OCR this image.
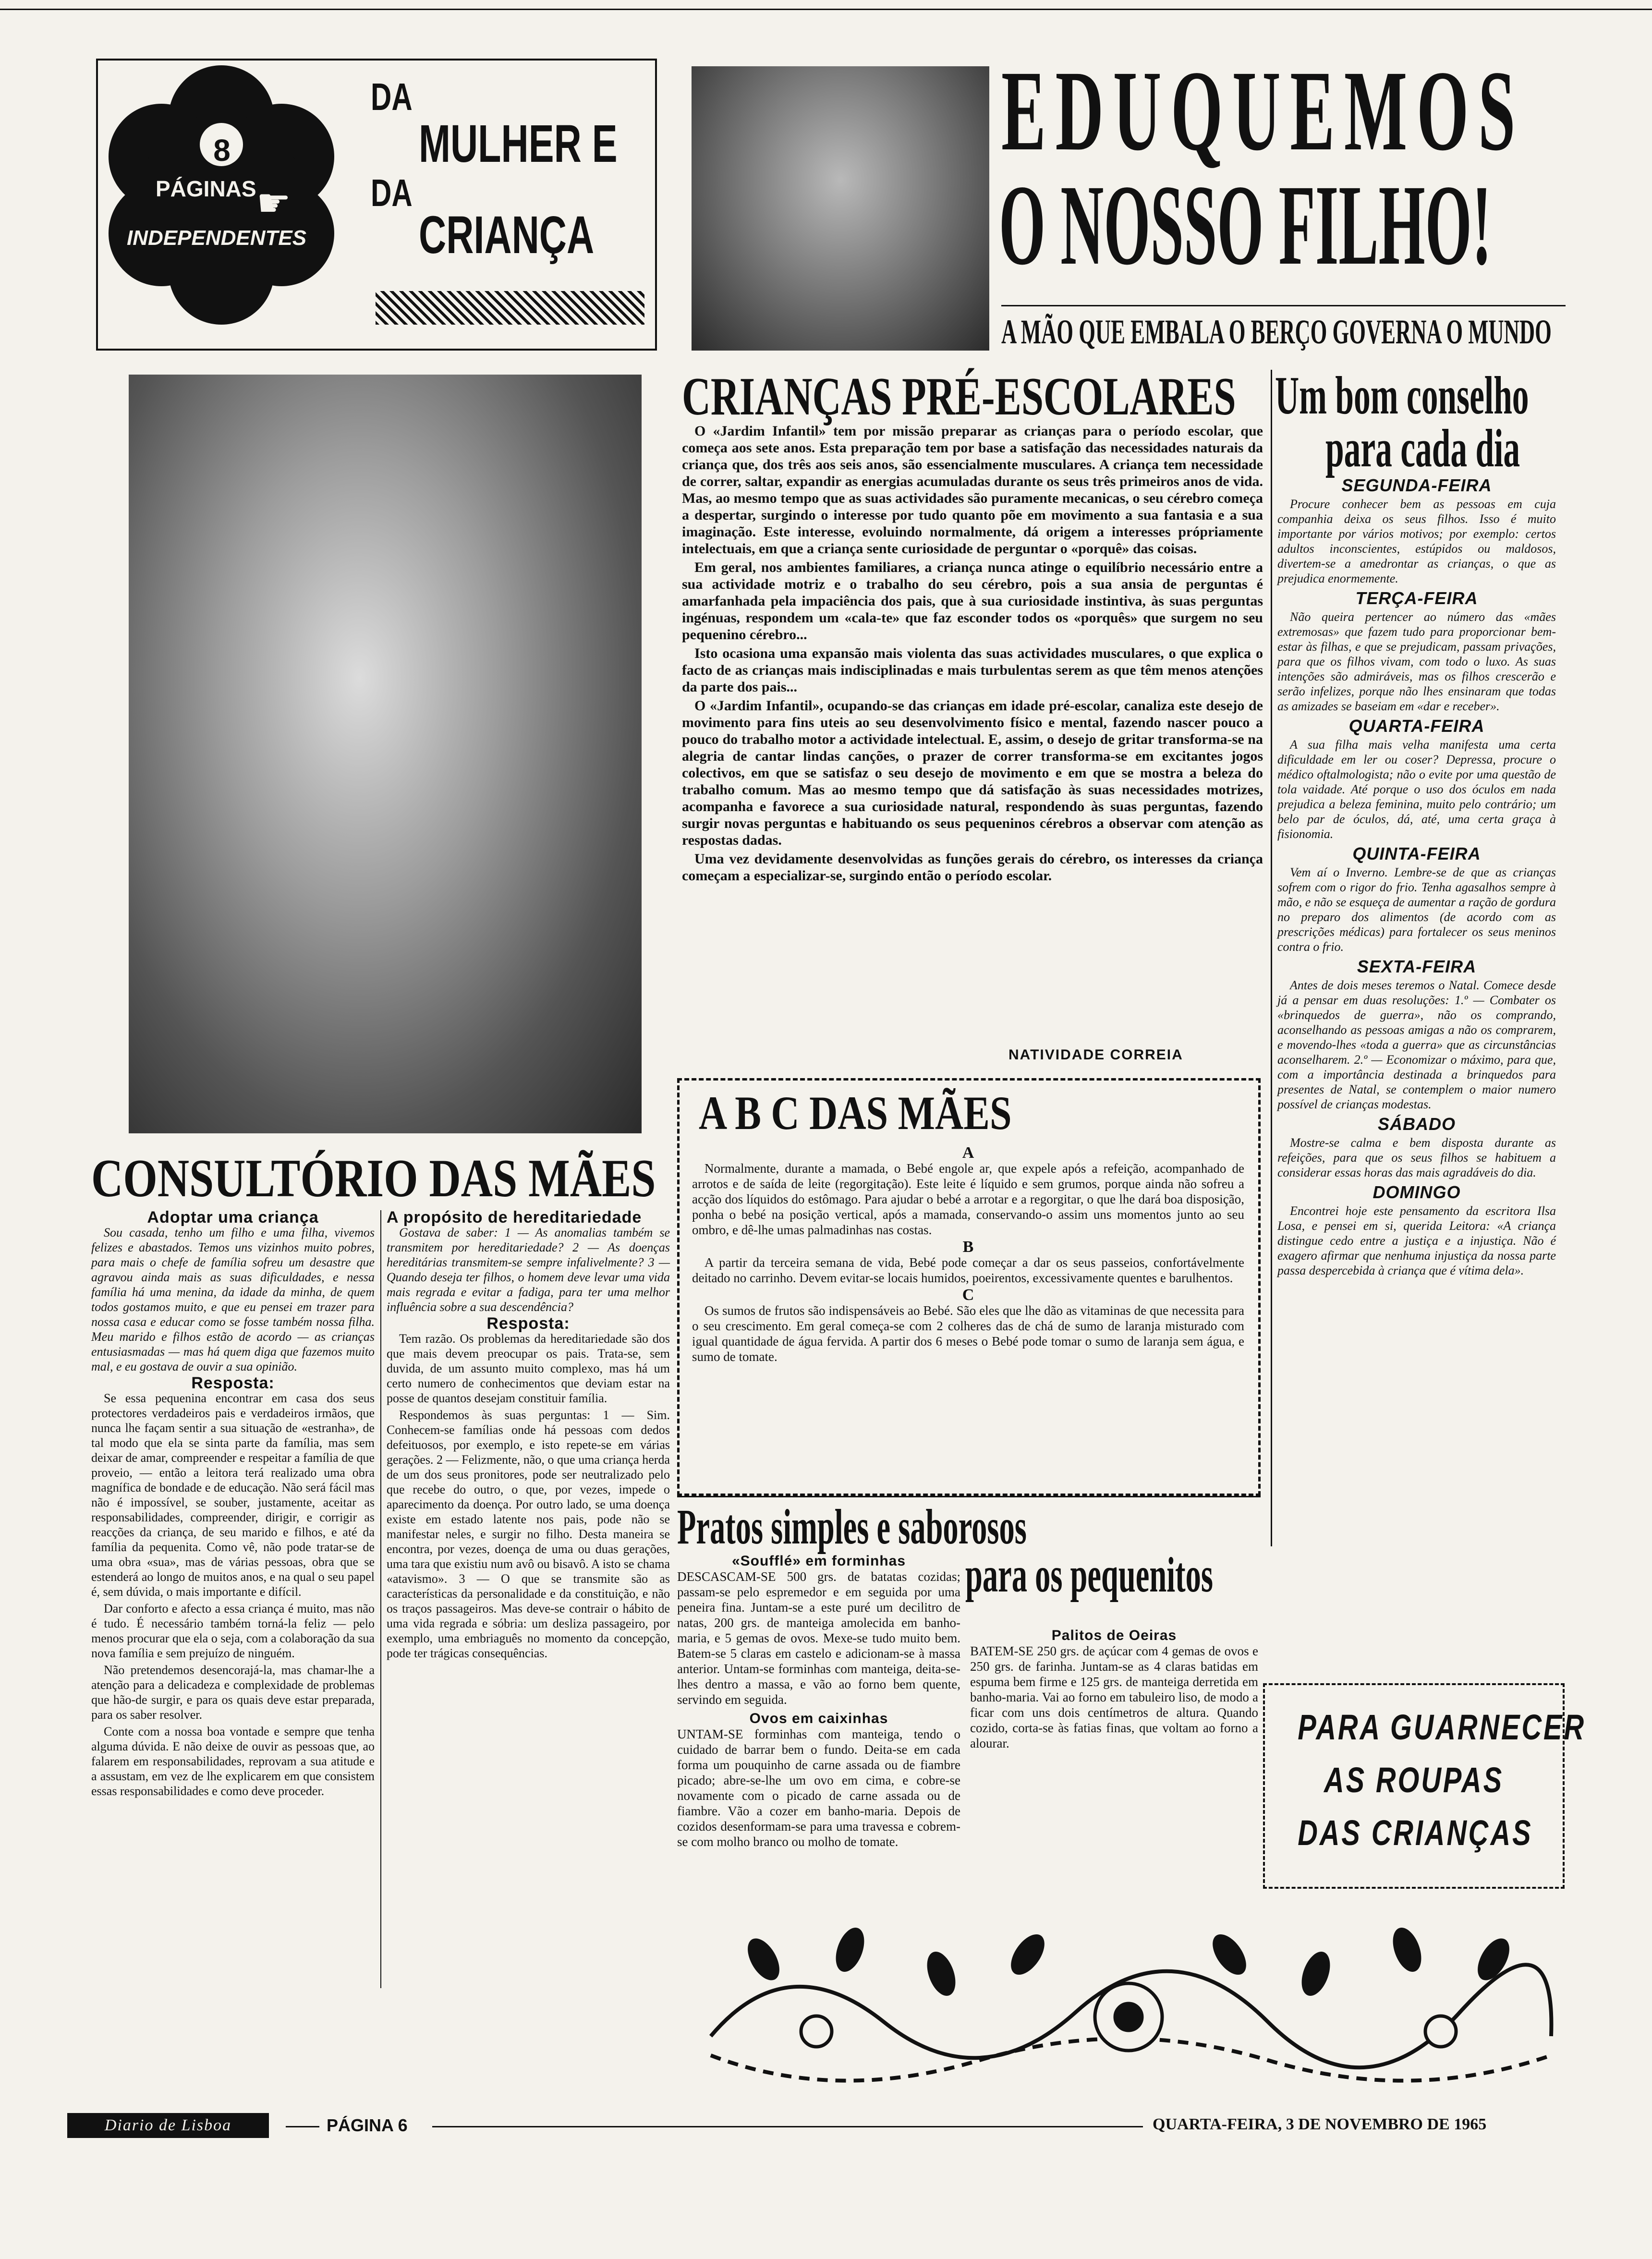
8
PÁGINAS ☛
INDEPENDENTES
DA
MULHER E
DA
CRIANÇA
EDUQUEMOS
O NOSSO FILHO!
A MÃO QUE EMBALA O BERÇO GOVERNA O MUNDO
CRIANÇAS PRÉ-ESCOLARES

O «Jardim Infantil» tem por missão preparar as crianças para o período escolar, que começa aos sete anos. Esta preparação tem por base a satisfação das necessidades naturais da criança que, dos três aos seis anos, são essencialmente musculares. A criança tem necessidade de correr, saltar, expandir as energias acumuladas durante os seus três primeiros anos de vida. Mas, ao mesmo tempo que as suas actividades são puramente mecanicas, o seu cérebro começa a despertar, surgindo o interesse por tudo quanto põe em movimento a sua fantasia e a sua imaginação. Este interesse, evoluindo normalmente, dá origem a interesses própriamente intelectuais, em que a criança sente curiosidade de perguntar o «porquê» das coisas.

Em geral, nos ambientes familiares, a criança nunca atinge o equilíbrio necessário entre a sua actividade motriz e o trabalho do seu cérebro, pois a sua ansia de perguntas é amarfanhada pela impaciência dos pais, que à sua curiosidade instintiva, às suas perguntas ingénuas, respondem um «cala-te» que faz esconder todos os «porquês» que surgem no seu pequenino cérebro...

Isto ocasiona uma expansão mais violenta das suas actividades musculares, o que explica o facto de as crianças mais indisciplinadas e mais turbulentas serem as que têm menos atenções da parte dos pais...

O «Jardim Infantil», ocupando-se das crianças em idade pré-escolar, canaliza este desejo de movimento para fins uteis ao seu desenvolvimento físico e mental, fazendo nascer pouco a pouco do trabalho motor a actividade intelectual. E, assim, o desejo de gritar transforma-se na alegria de cantar lindas canções, o prazer de correr transforma-se em excitantes jogos colectivos, em que se satisfaz o seu desejo de movimento e em que se mostra a beleza do trabalho comum. Mas ao mesmo tempo que dá satisfação às suas necessidades motrizes, acompanha e favorece a sua curiosidade natural, respondendo às suas perguntas, fazendo surgir novas perguntas e habituando os seus pequeninos cérebros a observar com atenção as respostas dadas.

Uma vez devidamente desenvolvidas as funções gerais do cérebro, os interesses da criança começam a especializar-se, surgindo então o período escolar.

NATIVIDADE CORREIA
Um bom conselho
para cada dia
SEGUNDA-FEIRA

Procure conhecer bem as pessoas em cuja companhia deixa os seus filhos. Isso é muito importante por vários motivos; por exemplo: certos adultos inconscientes, estúpidos ou maldosos, divertem-se a amedrontar as crianças, o que as prejudica enormemente.

TERÇA-FEIRA

Não queira pertencer ao número das «mães extremosas» que fazem tudo para proporcionar bem-estar às filhas, e que se prejudicam, passam privações, para que os filhos vivam, com todo o luxo. As suas intenções são admiráveis, mas os filhos crescerão e serão infelizes, porque não lhes ensinaram que todas as amizades se baseiam em «dar e receber».

QUARTA-FEIRA

A sua filha mais velha manifesta uma certa dificuldade em ler ou coser? Depressa, procure o médico oftalmologista; não o evite por uma questão de tola vaidade. Até porque o uso dos óculos em nada prejudica a beleza feminina, muito pelo contrário; um belo par de óculos, dá, até, uma certa graça à fisionomia.

QUINTA-FEIRA

Vem aí o Inverno. Lembre-se de que as crianças sofrem com o rigor do frio. Tenha agasalhos sempre à mão, e não se esqueça de aumentar a ração de gordura no preparo dos alimentos (de acordo com as prescrições médicas) para fortalecer os seus meninos contra o frio.

SEXTA-FEIRA

Antes de dois meses teremos o Natal. Comece desde já a pensar em duas resoluções: 1.º — Combater os «brinquedos de guerra», não os comprando, aconselhando as pessoas amigas a não os comprarem, e movendo-lhes «toda a guerra» que as circunstâncias aconselharem. 2.º — Economizar o máximo, para que, com a importância destinada a brinquedos para presentes de Natal, se contemplem o maior numero possível de crianças modestas.

SÁBADO

Mostre-se calma e bem disposta durante as refeições, para que os seus filhos se habituem a considerar essas horas das mais agradáveis do dia.

DOMINGO

Encontrei hoje este pensamento da escritora Ilsa Losa, e pensei em si, querida Leitora: «A criança distingue cedo entre a justiça e a injustiça. Não é exagero afirmar que nenhuma injustiça da nossa parte passa despercebida à criança que é vítima dela».

A B C DAS MÃES
A

Normalmente, durante a mamada, o Bebé engole ar, que expele após a refeição, acompanhado de arrotos e de saída de leite (regorgitação). Este leite é líquido e sem grumos, porque ainda não sofreu a acção dos líquidos do estômago. Para ajudar o bebé a arrotar e a regorgitar, o que lhe dará boa disposição, ponha o bebé na posição vertical, após a mamada, conservando-o assim uns momentos junto ao seu ombro, e dê-lhe umas palmadinhas nas costas.

B

A partir da terceira semana de vida, Bebé pode começar a dar os seus passeios, confortávelmente deitado no carrinho. Devem evitar-se locais humidos, poeirentos, excessivamente quentes e barulhentos.

C

Os sumos de frutos são indispensáveis ao Bebé. São eles que lhe dão as vitaminas de que necessita para o seu crescimento. Em geral começa-se com 2 colheres das de chá de sumo de laranja misturado com igual quantidade de água fervida. A partir dos 6 meses o Bebé pode tomar o sumo de laranja sem água, e sumo de tomate.

CONSULTÓRIO DAS MÃES
Adoptar uma criança

Sou casada, tenho um filho e uma filha, vivemos felizes e abastados. Temos uns vizinhos muito pobres, para mais o chefe de família sofreu um desastre que agravou ainda mais as suas dificuldades, e nessa família há uma menina, da idade da minha, de quem todos gostamos muito, e que eu pensei em trazer para nossa casa e educar como se fosse também nossa filha. Meu marido e filhos estão de acordo — as crianças entusiasmadas — mas há quem diga que fazemos muito mal, e eu gostava de ouvir a sua opinião.

Resposta:

Se essa pequenina encontrar em casa dos seus protectores verdadeiros pais e verdadeiros irmãos, que nunca lhe façam sentir a sua situação de «estranha», de tal modo que ela se sinta parte da família, mas sem deixar de amar, compreender e respeitar a família de que proveio, — então a leitora terá realizado uma obra magnífica de bondade e de educação. Não será fácil mas não é impossível, se souber, justamente, aceitar as responsabilidades, compreender, dirigir, e corrigir as reacções da criança, de seu marido e filhos, e até da família da pequenita. Como vê, não pode tratar-se de uma obra «sua», mas de várias pessoas, obra que se estenderá ao longo de muitos anos, e na qual o seu papel é, sem dúvida, o mais importante e difícil.

Dar conforto e afecto a essa criança é muito, mas não é tudo. É necessário também torná-la feliz — pelo menos procurar que ela o seja, com a colaboração da sua nova família e sem prejuízo de ninguém.

Não pretendemos desencorajá-la, mas chamar-lhe a atenção para a delicadeza e complexidade de problemas que hão-de surgir, e para os quais deve estar preparada, para os saber resolver.

Conte com a nossa boa vontade e sempre que tenha alguma dúvida. E não deixe de ouvir as pessoas que, ao falarem em responsabilidades, reprovam a sua atitude e a assustam, em vez de lhe explicarem em que consistem essas responsabilidades e como deve proceder.

A propósito de hereditariedade

Gostava de saber: 1 — As anomalias também se transmitem por hereditariedade? 2 — As doenças hereditárias transmitem-se sempre infalivelmente? 3 — Quando deseja ter filhos, o homem deve levar uma vida mais regrada e evitar a fadiga, para ter uma melhor influência sobre a sua descendência?

Resposta:

Tem razão. Os problemas da hereditariedade são dos que mais devem preocupar os pais. Trata-se, sem duvida, de um assunto muito complexo, mas há um certo numero de conhecimentos que deviam estar na posse de quantos desejam constituir família.

Respondemos às suas perguntas: 1 — Sim. Conhecem-se famílias onde há pessoas com dedos defeituosos, por exemplo, e isto repete-se em várias gerações. 2 — Felizmente, não, o que uma criança herda de um dos seus pronitores, pode ser neutralizado pelo que recebe do outro, o que, por vezes, impede o aparecimento da doença. Por outro lado, se uma doença existe em estado latente nos pais, pode não se manifestar neles, e surgir no filho. Desta maneira se encontra, por vezes, doença de uma ou duas gerações, uma tara que existiu num avô ou bisavô. A isto se chama «atavismo». 3 — O que se transmite são as características da personalidade e da constituição, e não os traços passageiros. Mas deve-se contrair o hábito de uma vida regrada e sóbria: um desliza passageiro, por exemplo, uma embriaguês no momento da concepção, pode ter trágicas consequências.

Pratos simples e saborosos
para os pequenitos
«Soufflé» em forminhas

DESCASCAM-SE 500 grs. de batatas cozidas; passam-se pelo espremedor e em seguida por uma peneira fina. Juntam-se a este puré um decilitro de natas, 200 grs. de manteiga amolecida em banho-maria, e 5 gemas de ovos. Mexe-se tudo muito bem. Batem-se 5 claras em castelo e adicionam-se à massa anterior. Untam-se forminhas com manteiga, deita-se-lhes dentro a massa, e vão ao forno bem quente, servindo em seguida.

Ovos em caixinhas

UNTAM-SE forminhas com manteiga, tendo o cuidado de barrar bem o fundo. Deita-se em cada forma um pouquinho de carne assada ou de fiambre picado; abre-se-lhe um ovo em cima, e cobre-se novamente com o picado de carne assada ou de fiambre. Vão a cozer em banho-maria. Depois de cozidos desenformam-se para uma travessa e cobrem-se com molho branco ou molho de tomate.

Palitos de Oeiras

BATEM-SE 250 grs. de açúcar com 4 gemas de ovos e 250 grs. de farinha. Juntam-se as 4 claras batidas em espuma bem firme e 125 grs. de manteiga derretida em banho-maria. Vai ao forno em tabuleiro liso, de modo a ficar com uns dois centímetros de altura. Quando cozido, corta-se às fatias finas, que voltam ao forno a alourar.	PARA GUARNECER
AS ROUPAS
DAS CRIANÇAS
Diario de Lisboa	PÁGINA 6	QUARTA-FEIRA, 3 DE NOVEMBRO DE 1965
